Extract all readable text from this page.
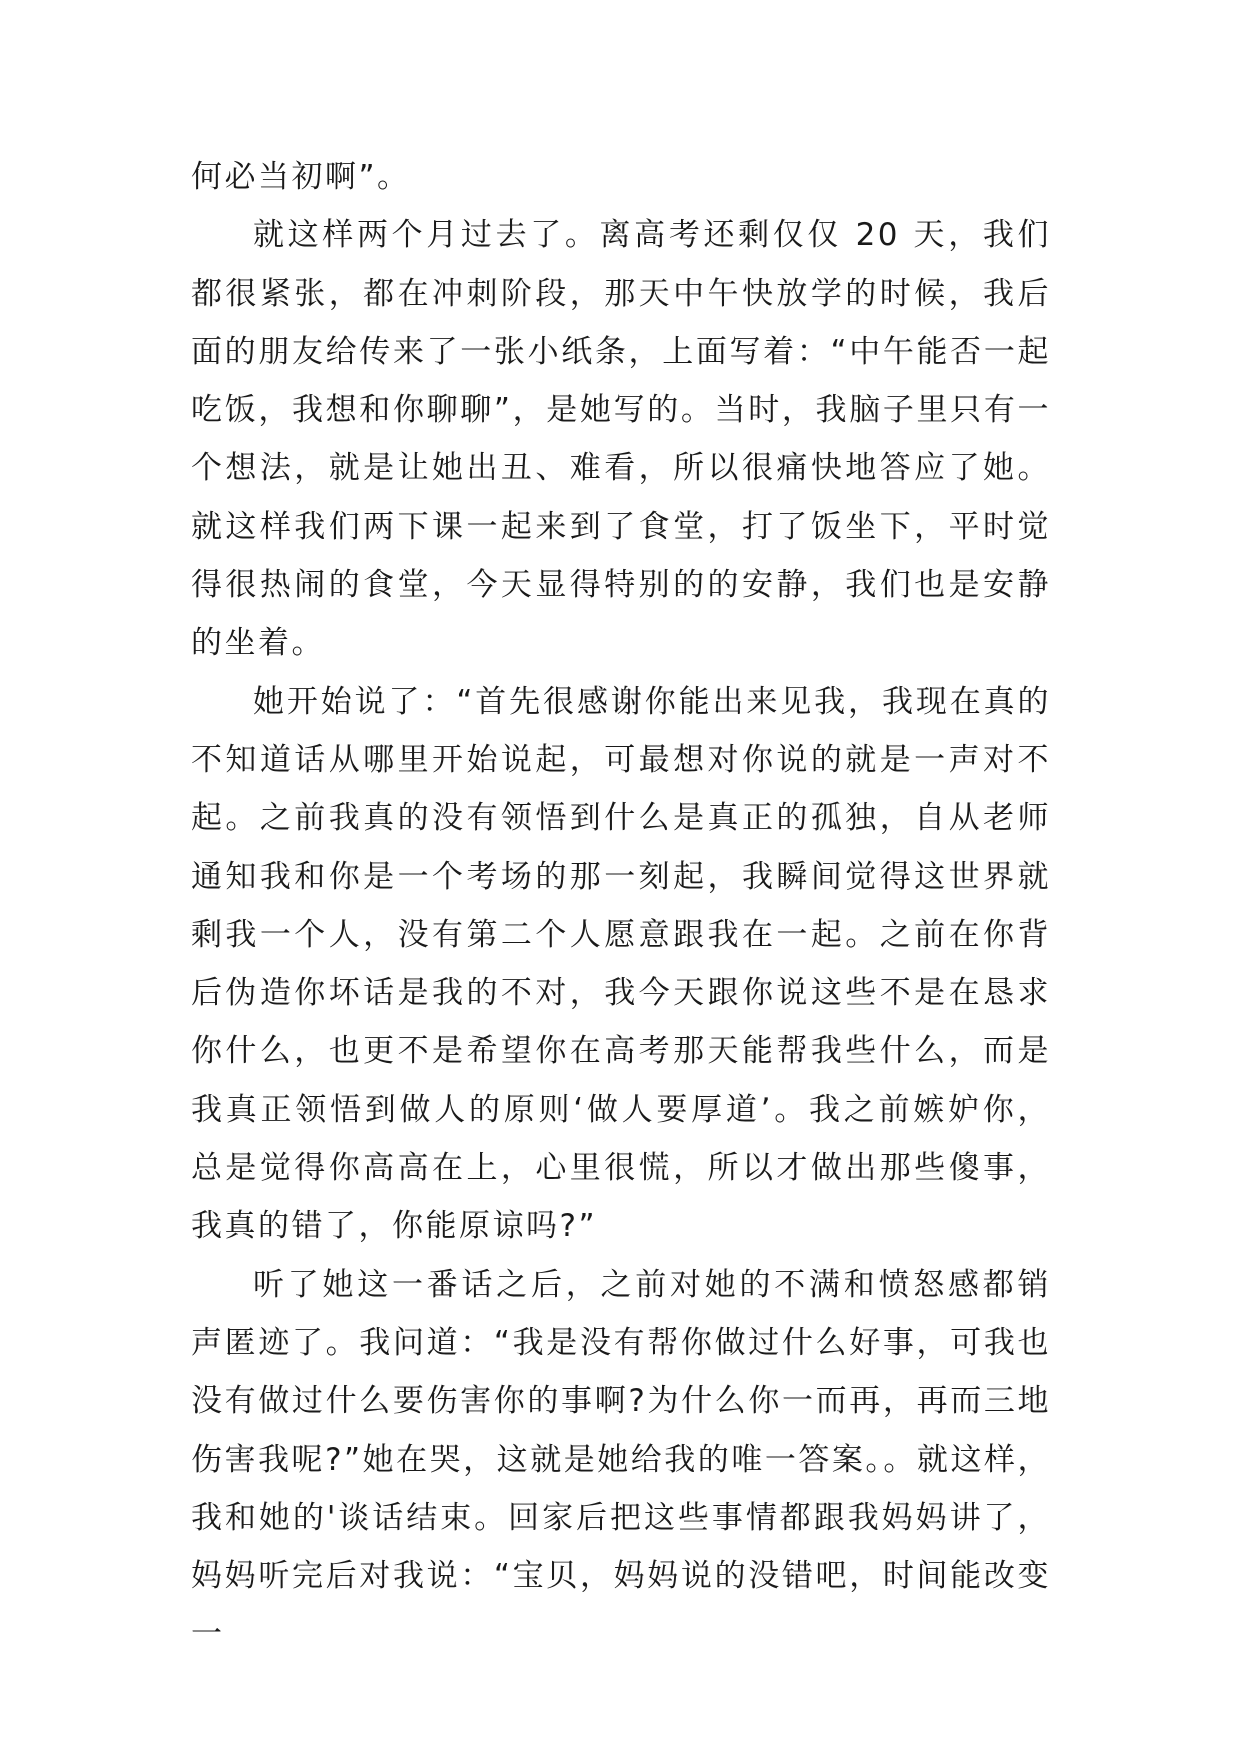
何必当初啊”。

就这样两个月过去了。离高考还剩仅仅 20 天，我们都很紧张，都在冲刺阶段，那天中午快放学的时候，我后面的朋友给传来了一张小纸条，上面写着：“中午能否一起吃饭，我想和你聊聊”，是她写的。当时，我脑子里只有一个想法，就是让她出丑、难看，所以很痛快地答应了她。就这样我们两下课一起来到了食堂，打了饭坐下，平时觉得很热闹的食堂，今天显得特别的的安静，我们也是安静的坐着。

她开始说了：“首先很感谢你能出来见我，我现在真的不知道话从哪里开始说起，可最想对你说的就是一声对不起。之前我真的没有领悟到什么是真正的孤独，自从老师通知我和你是一个考场的那一刻起，我瞬间觉得这世界就剩我一个人，没有第二个人愿意跟我在一起。之前在你背后伪造你坏话是我的不对，我今天跟你说这些不是在恳求你什么，也更不是希望你在高考那天能帮我些什么，而是我真正领悟到做人的原则‘做人要厚道’。我之前嫉妒你，总是觉得你高高在上，心里很慌，所以才做出那些傻事，我真的错了，你能原谅吗?”

听了她这一番话之后，之前对她的不满和愤怒感都销声匿迹了。我问道：“我是没有帮你做过什么好事，可我也没有做过什么要伤害你的事啊?为什么你一而再，再而三地伤害我呢?”她在哭，这就是她给我的唯一答案。。就这样，我和她的'谈话结束。回家后把这些事情都跟我妈妈讲了，妈妈听完后对我说：“宝贝，妈妈说的没错吧，时间能改变一
